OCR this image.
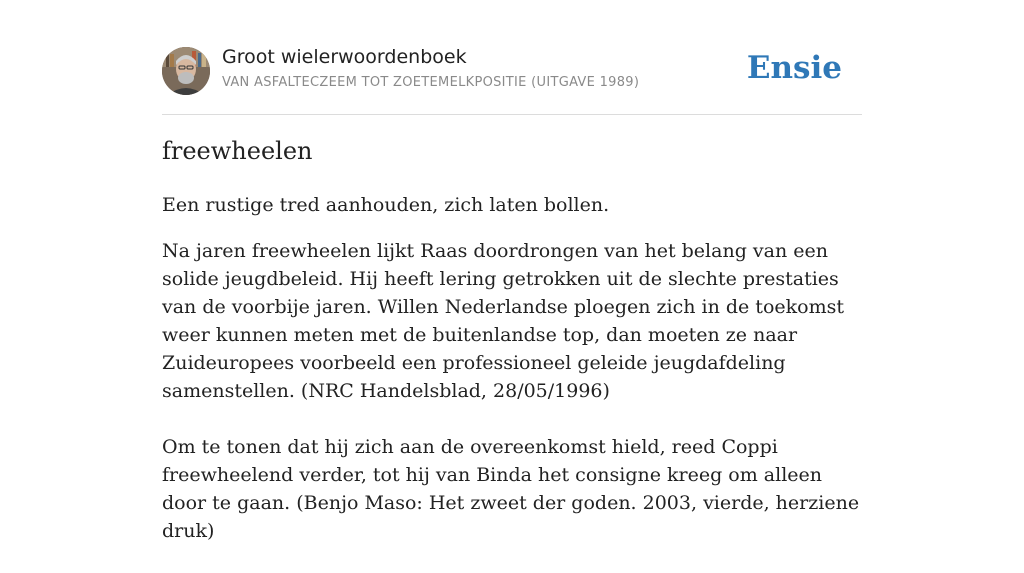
Groot wielerwoordenboek
VAN ASFALTECZEEM TOT ZOETEMELKPOSITIE (UITGAVE 1989)	Ensie
freewheelen

Een rustige tred aanhouden, zich laten bollen.

Na jaren freewheelen lijkt Raas doordrongen van het belang van een solide jeugdbeleid. Hij heeft lering getrokken uit de slechte prestaties van de voorbije jaren. Willen Nederlandse ploegen zich in de toekomst weer kunnen meten met de buitenlandse top, dan moeten ze naar Zuideuropees voorbeeld een professioneel geleide jeugdafdeling samenstellen. (NRC Handelsblad, 28/05/1996)

Om te tonen dat hij zich aan de overeenkomst hield, reed Coppi freewheelend verder, tot hij van Binda het consigne kreeg om alleen door te gaan. (Benjo Maso: Het zweet der goden. 2003, vierde, herziene druk)
